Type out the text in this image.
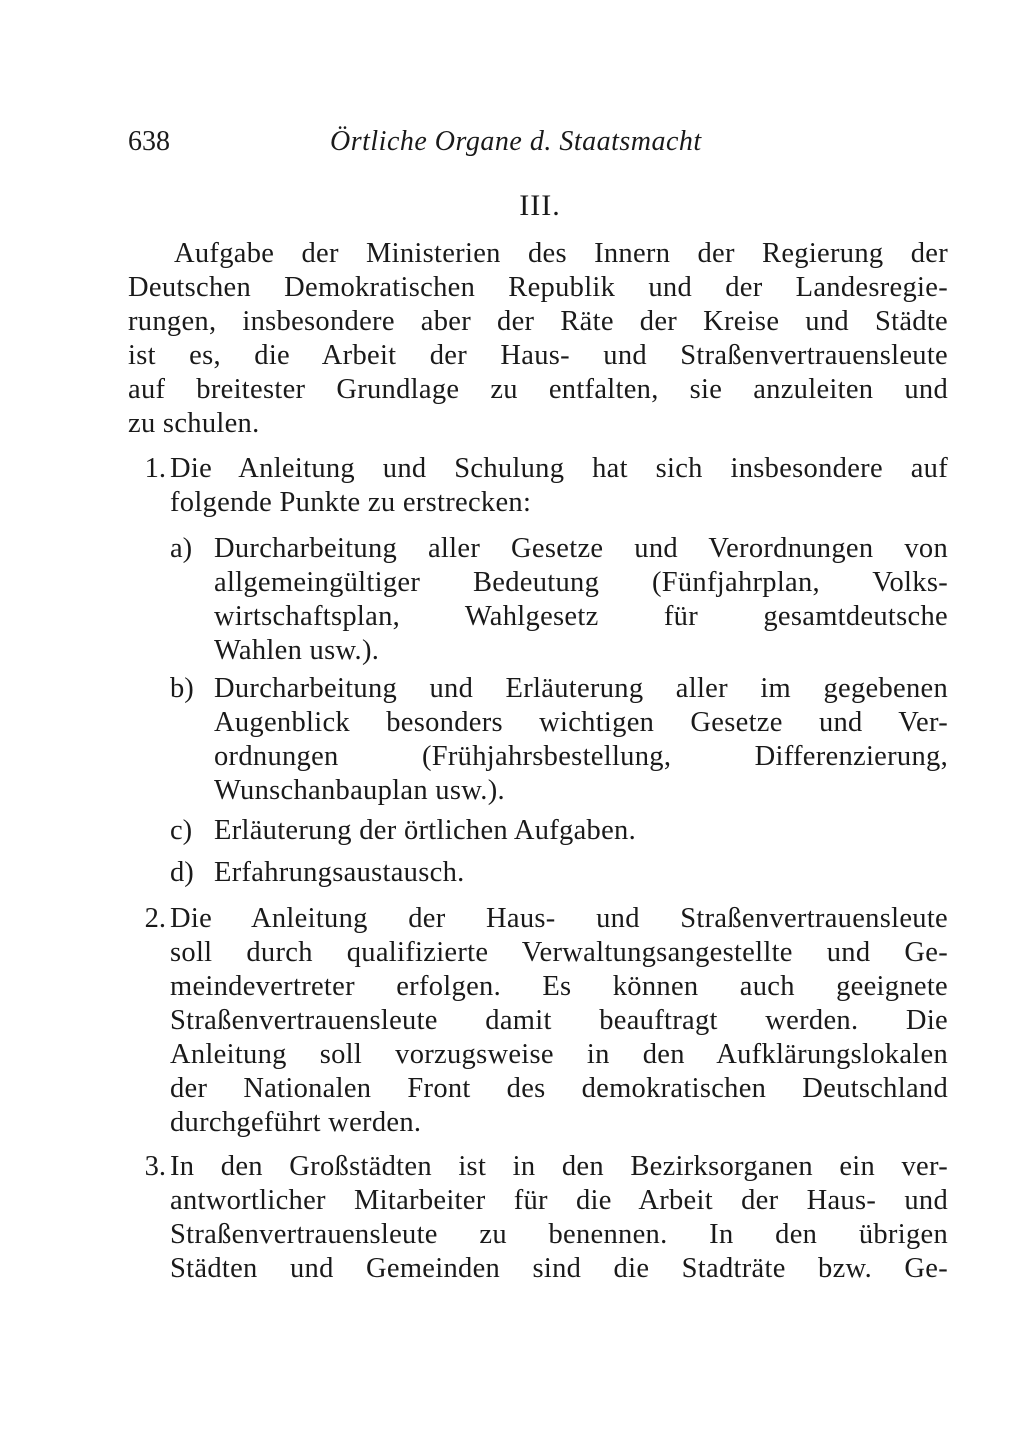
638	Örtliche Organe d. Staatsmacht
III.
Aufgabe der Ministerien des Innern der Regierung der
Deutschen Demokratischen Republik und der Landesregie-
rungen, insbesondere aber der Räte der Kreise und Städte
ist es, die Arbeit der Haus- und Straßenvertrauensleute
auf breitester Grundlage zu entfalten, sie anzuleiten und
zu schulen.
1. Die Anleitung und Schulung hat sich insbesondere auf
folgende Punkte zu erstrecken:
a) Durcharbeitung aller Gesetze und Verordnungen von
allgemeingültiger Bedeutung (Fünfjahrplan, Volks-
wirtschaftsplan, Wahlgesetz für gesamtdeutsche
Wahlen usw.).
b) Durcharbeitung und Erläuterung aller im gegebenen
Augenblick besonders wichtigen Gesetze und Ver-
ordnungen (Frühjahrsbestellung, Differenzierung,
Wunschanbauplan usw.).
c) Erläuterung der örtlichen Aufgaben.
d) Erfahrungsaustausch.
2. Die Anleitung der Haus- und Straßenvertrauensleute
soll durch qualifizierte Verwaltungsangestellte und Ge-
meindevertreter erfolgen. Es können auch geeignete
Straßenvertrauensleute damit beauftragt werden. Die
Anleitung soll vorzugsweise in den Aufklärungslokalen
der Nationalen Front des demokratischen Deutschland
durchgeführt werden.
3. In den Großstädten ist in den Bezirksorganen ein ver-
antwortlicher Mitarbeiter für die Arbeit der Haus- und
Straßenvertrauensleute zu benennen. In den übrigen
Städten und Gemeinden sind die Stadträte bzw. Ge-
